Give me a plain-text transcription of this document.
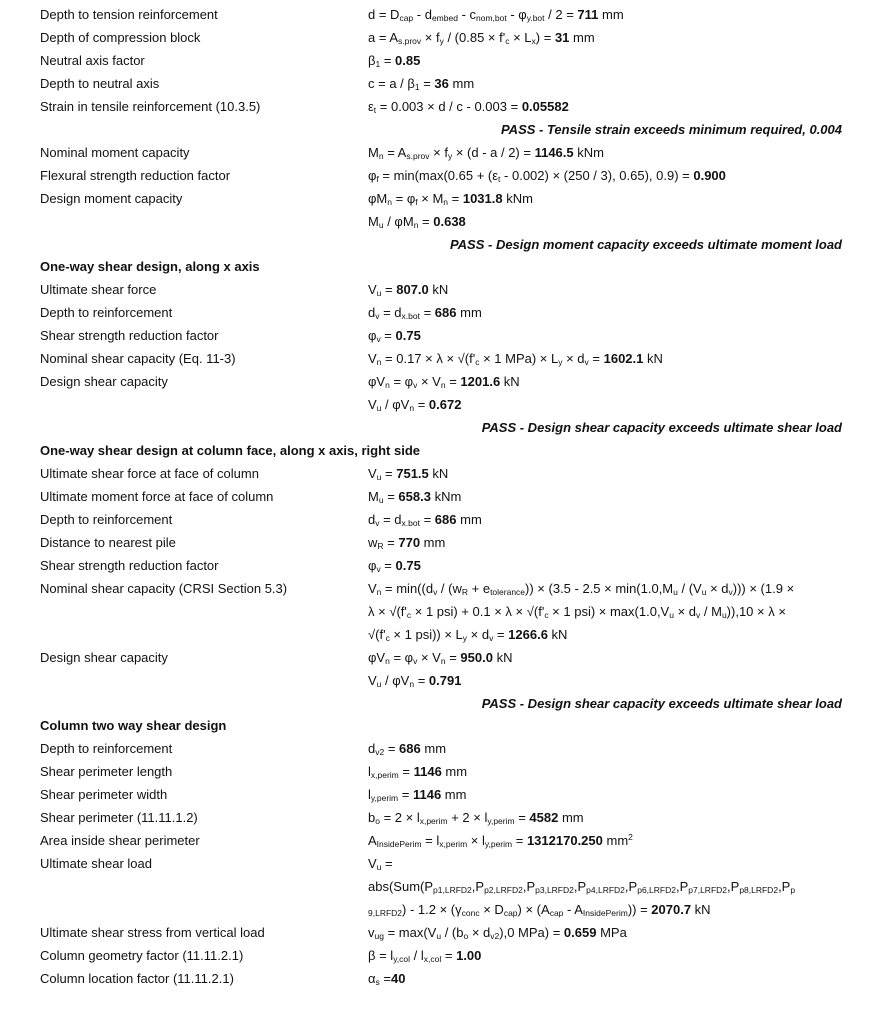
Depth to tension reinforcement	$d = D_{cap} - d_{embed} - c_{nom,bot} - \varphi_{y.bot} / 2 = 711$ mm
Depth of compression block	$a = A_{s.prov} \times f_y / (0.85 \times f'_c \times L_x) = 31$ mm
Neutral axis factor	$\beta_1 = 0.85$
Depth to neutral axis	$c = a / \beta_1 = 36$ mm
Strain in tensile reinforcement (10.3.5)	$\varepsilon_t = 0.003 \times d / c - 0.003 = 0.05582$
PASS - Tensile strain exceeds minimum required, 0.004
Nominal moment capacity	$M_n = A_{s.prov} \times f_y \times (d - a / 2) = 1146.5$ kNm
Flexural strength reduction factor	$\varphi_f = \min(\max(0.65 + (\varepsilon_t - 0.002) \times (250 / 3)$, 0.65), 0.9) = 0.900
Design moment capacity	$\varphi M_n = \varphi_f \times M_n = 1031.8$ kNm
$M_u / \varphi M_n = 0.638$
PASS - Design moment capacity exceeds ultimate moment load
One-way shear design, along x axis
Ultimate shear force	$V_u = 807.0$ kN
Depth to reinforcement	$d_v = d_{x.bot} = 686$ mm
Shear strength reduction factor	$\varphi_v = 0.75$
Nominal shear capacity (Eq. 11-3)	$V_n = 0.17 \times \lambda \times √(f'_c \times 1$ $MPa) \times L_y \times d_v = 1602.1$ kN
Design shear capacity	$\varphi V_n = \varphi_v \times V_n = 1201.6$ kN
$V_u / \varphi V_n = 0.672$
PASS - Design shear capacity exceeds ultimate shear load
One-way shear design at column face, along x axis, right side
Ultimate shear force at face of column	$V_u = 751.5$ kN
Ultimate moment force at face of column	$M_u = 658.3$ kNm
Depth to reinforcement	$d_v = d_{x.bot} = 686$ mm
Distance to nearest pile	$w_R = 770$ mm
Shear strength reduction factor	$\varphi_v = 0.75$
Nominal shear capacity (CRSI Section 5.3)	$V_n = \min((d_v / (w_R + e_{tolerance})) \times (3.5 - 2.5 \times \min(1.0,M_u / (V_u \times d_v))) \times (1.9$ ×
$\lambda \times √(f'_c \times 1$ $psi) + 0.1 \times \lambda \times √(f'_c \times 1$ $psi) \times \max(1.0,V_u \times d_v / M_u)),10 \times \lambda$ ×
$√(f'_c \times 1$ $psi)) \times L_y \times d_v = 1266.6$ kN
Design shear capacity	$\varphi V_n = \varphi_v \times V_n = 950.0$ kN
$V_u / \varphi V_n = 0.791$
PASS - Design shear capacity exceeds ultimate shear load
Column two way shear design
Depth to reinforcement	$d_{v2} = 686$ mm
Shear perimeter length	$l_{x,perim} = 1146$ mm
Shear perimeter width	$l_{y,perim} = 1146$ mm
Shear perimeter (11.11.1.2)	$b_o = 2 \times l_{x,perim} + 2 \times l_{y,perim} = 4582$ mm
Area inside shear perimeter	$A_{InsidePerim} = l_{x,perim} \times l_{y,perim} = 1312170.250$ $mm^2$
Ultimate shear load	$V_u$ =
$abs(Sum(P_{p1,LRFD2},P_{p2,LRFD2},P_{p3,LRFD2},P_{p4,LRFD2},P_{p6,LRFD2},P_{p7,LRFD2},P_{p8,LRFD2},P_p$
$_{9,LRFD2}) - 1.2 \times (\gamma_{conc} \times D_{cap}) \times (A_{cap} - A_{InsidePerim})) = 2070.7$ kN
Ultimate shear stress from vertical load	$v_{ug} = \max(V_u / (b_o \times d_{v2}),0$ MPa) = 0.659 MPa
Column geometry factor (11.11.2.1)	$\beta = l_{y,col} / l_{x,col} = 1.00$
Column location factor (11.11.2.1)	$\alpha_s =40$
